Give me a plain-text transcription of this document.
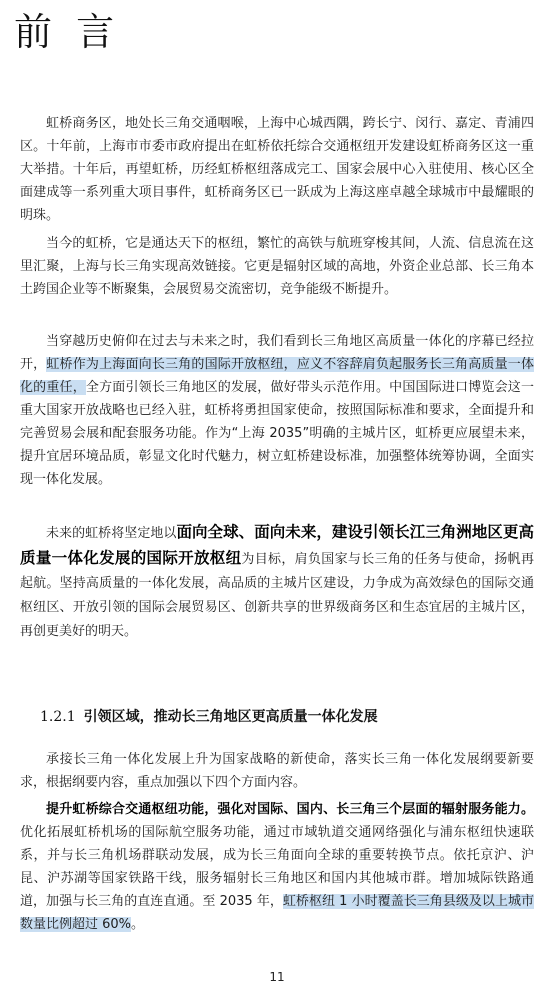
前 言

虹桥商务区，地处长三角交通咽喉，上海中心城西隅，跨长宁、闵行、嘉定、青浦四区。十年前，上海市市委市政府提出在虹桥依托综合交通枢纽开发建设虹桥商务区这一重大举措。十年后，再望虹桥，历经虹桥枢纽落成完工、国家会展中心入驻使用、核心区全面建成等一系列重大项目事件，虹桥商务区已一跃成为上海这座卓越全球城市中最耀眼的明珠。

当今的虹桥，它是通达天下的枢纽，繁忙的高铁与航班穿梭其间，人流、信息流在这里汇聚，上海与长三角实现高效链接。它更是辐射区域的高地，外资企业总部、长三角本土跨国企业等不断聚集，会展贸易交流密切，竞争能级不断提升。

当穿越历史俯仰在过去与未来之时，我们看到长三角地区高质量一体化的序幕已经拉开，虹桥作为上海面向长三角的国际开放枢纽，应义不容辞肩负起服务长三角高质量一体化的重任，全方面引领长三角地区的发展，做好带头示范作用。中国国际进口博览会这一重大国家开放战略也已经入驻，虹桥将勇担国家使命，按照国际标准和要求，全面提升和完善贸易会展和配套服务功能。作为“上海 2035”明确的主城片区，虹桥更应展望未来，提升宜居环境品质，彰显文化时代魅力，树立虹桥建设标准，加强整体统筹协调，全面实现一体化发展。

未来的虹桥将坚定地以面向全球、面向未来，建设引领长江三角洲地区更高质量一体化发展的国际开放枢纽为目标，肩负国家与长三角的任务与使命，扬帆再起航。坚持高质量的一体化发展，高品质的主城片区建设，力争成为高效绿色的国际交通枢纽区、开放引领的国际会展贸易区、创新共享的世界级商务区和生态宜居的主城片区，再创更美好的明天。

1.2.1 引领区域，推动长三角地区更高质量一体化发展

承接长三角一体化发展上升为国家战略的新使命，落实长三角一体化发展纲要新要求，根据纲要内容，重点加强以下四个方面内容。

提升虹桥综合交通枢纽功能，强化对国际、国内、长三角三个层面的辐射服务能力。优化拓展虹桥机场的国际航空服务功能，通过市域轨道交通网络强化与浦东枢纽快速联系，并与长三角机场群联动发展，成为长三角面向全球的重要转换节点。依托京沪、沪昆、沪苏湖等国家铁路干线，服务辐射长三角地区和国内其他城市群。增加城际铁路通道，加强与长三角的直连直通。至 2035 年，虹桥枢纽 1 小时覆盖长三角县级及以上城市数量比例超过 60%。

11
